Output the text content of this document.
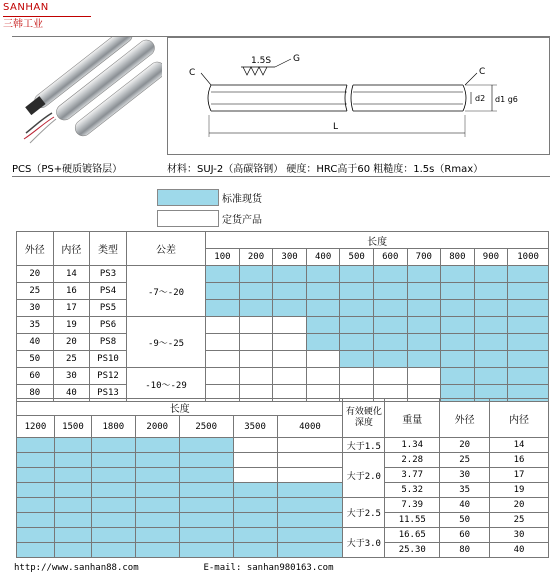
SANHAN
三韩工业
C	C
1.5S G
d2 d1 g6
L
PCS（PS+硬质镀铬层）	材料：SUJ-2（高碳铬钢） 硬度：HRC高于60 粗糙度：1.5s（Rmax）
标准现货
定货产品
外径	内径	类型	公差	长度									
				100	200	300	400	500	600	700	800	900	1000
20	14	PS3	-7～-20										
25	16	PS4											
30	17	PS5											
35	19	PS6	-9～-25										
40	20	PS8											
50	25	PS10											
60	30	PS12	-10～-29										
80	40	PS13											
长度							有效硬化深度	重量	外径	内径
1200	1500	1800	2000	2500	3500	4000				
							大于1.5	1.34	20	14
							大于2.0	2.28	25	16
								3.77	30	17
								5.32	35	19
							大于2.5	7.39	40	20
								11.55	50	25
							大于3.0	16.65	60	30
								25.30	80	40
http://www.sanhan88.com	E-mail: sanhan980163.com
